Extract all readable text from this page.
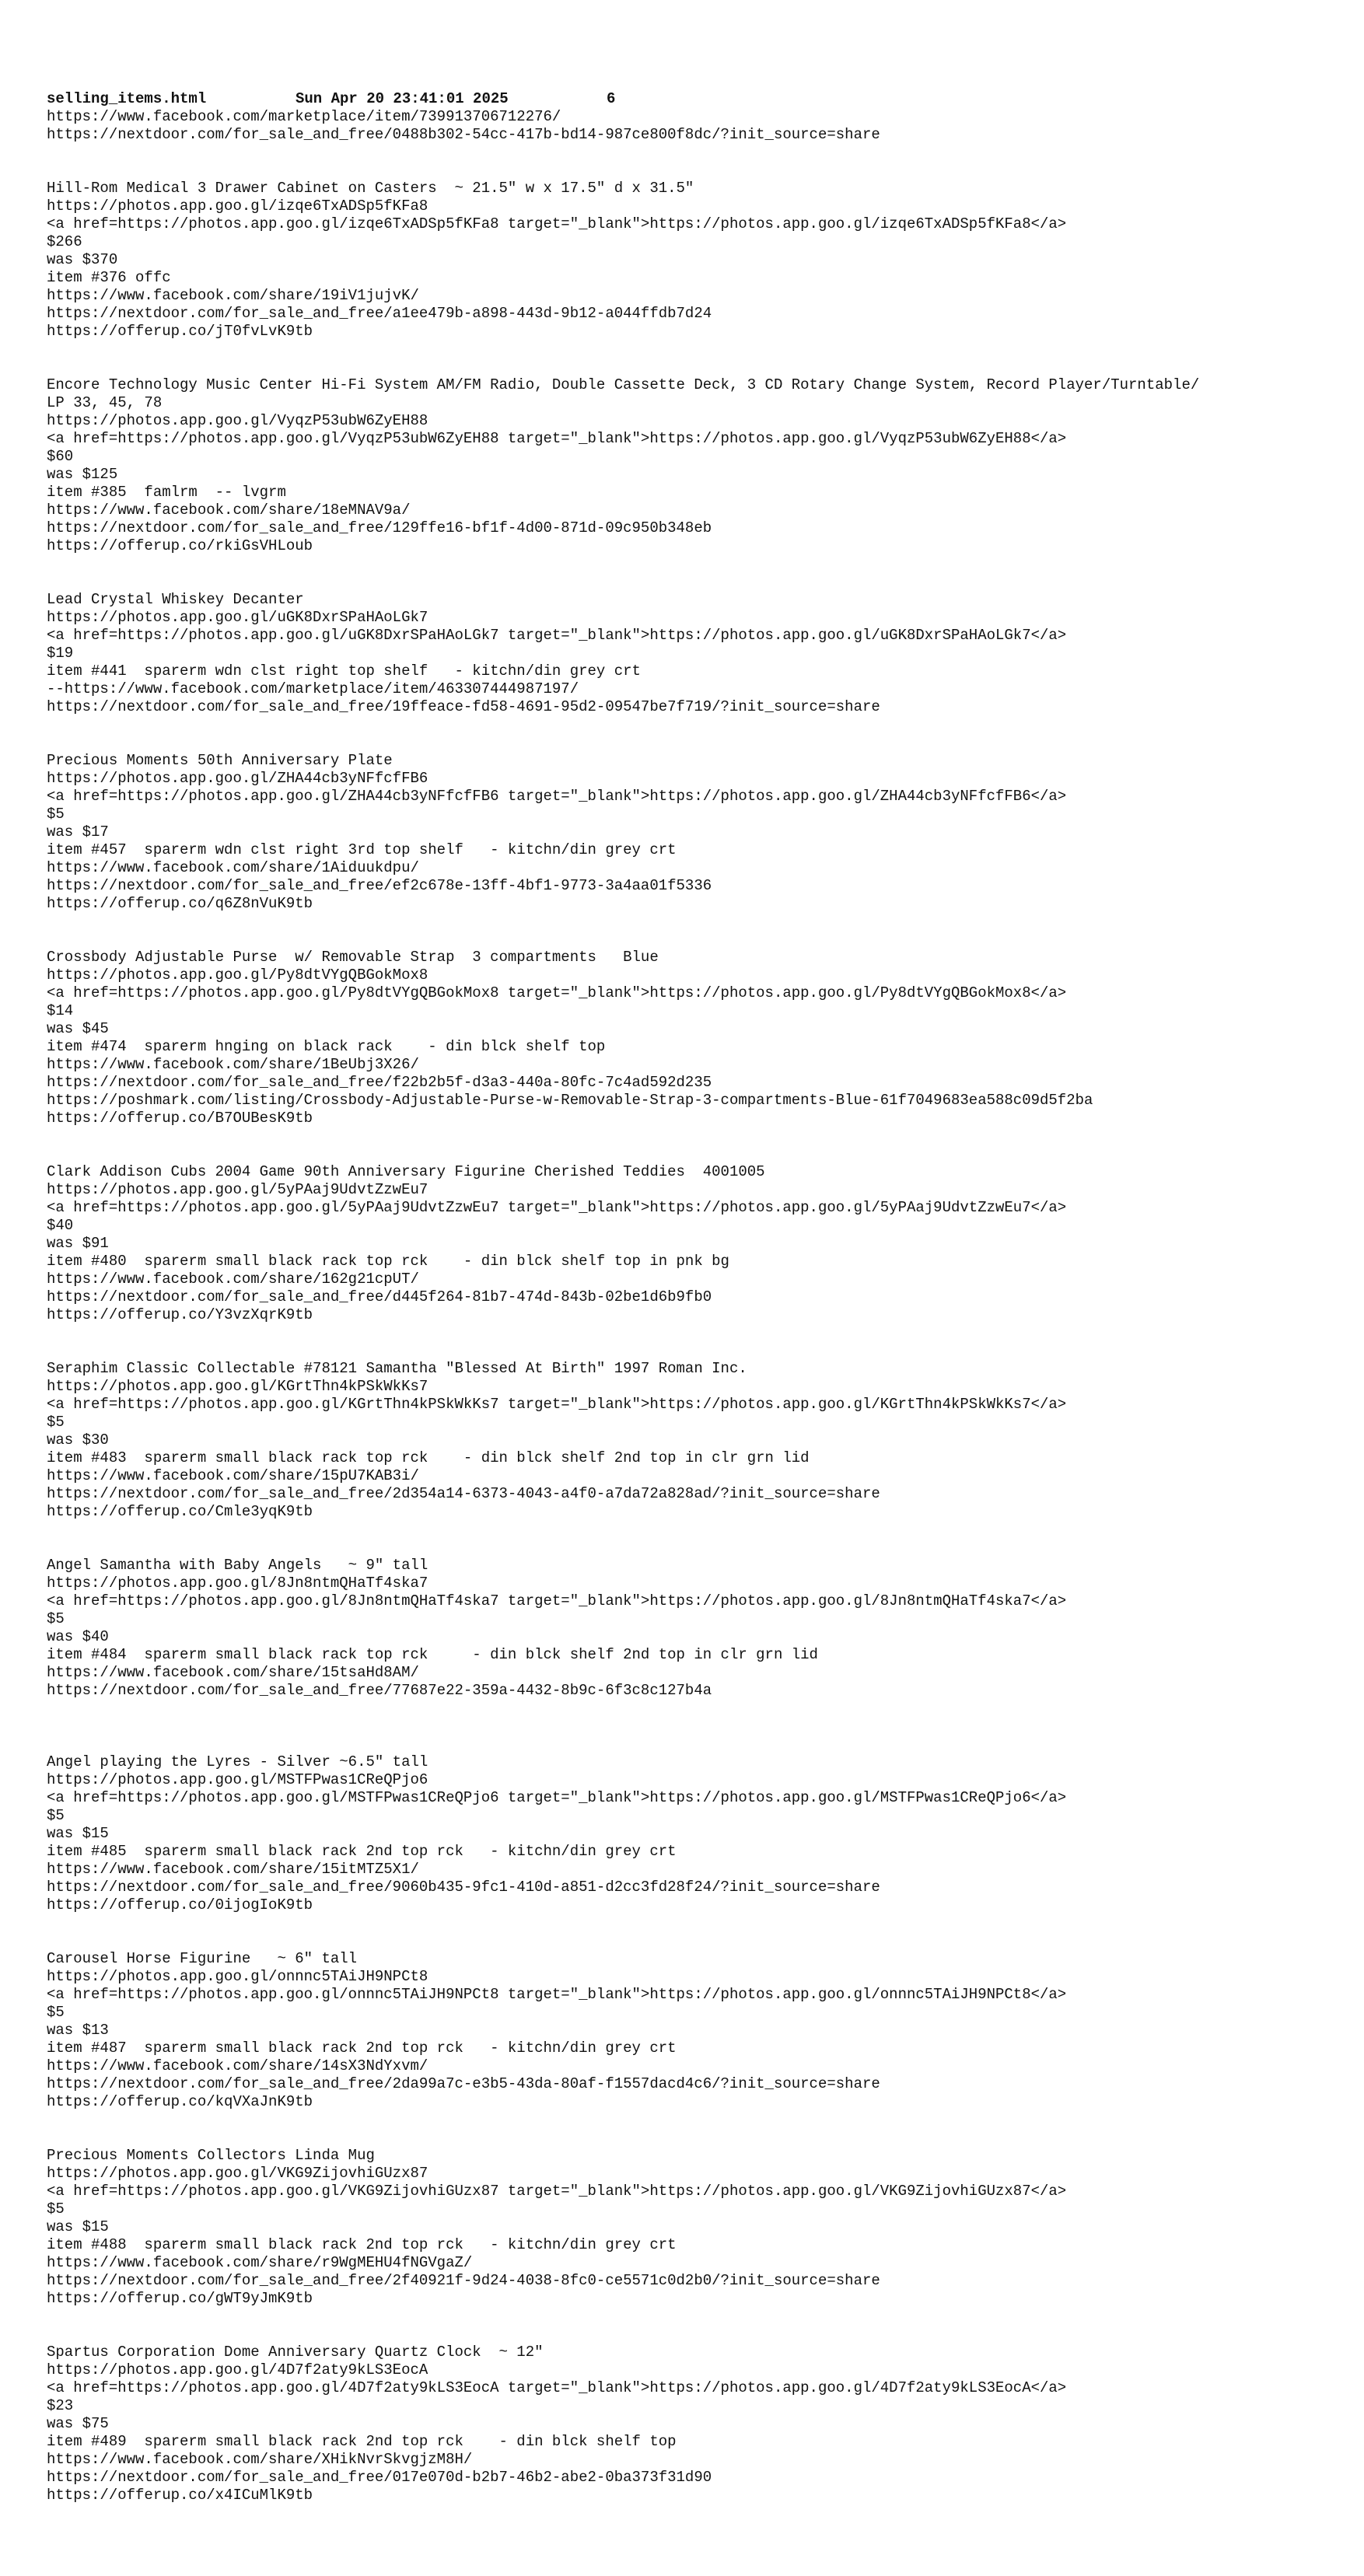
selling_items.html	Sun Apr 20 23:41:01 2025	6
https://www.facebook.com/marketplace/item/739913706712276/
https://nextdoor.com/for_sale_and_free/0488b302-54cc-417b-bd14-987ce800f8dc/?init_source=share
Hill-Rom Medical 3 Drawer Cabinet on Casters  ~ 21.5" w x 17.5" d x 31.5"
https://photos.app.goo.gl/izqe6TxADSp5fKFa8
<a href=https://photos.app.goo.gl/izqe6TxADSp5fKFa8 target="_blank">https://photos.app.goo.gl/izqe6TxADSp5fKFa8</a>
$266
was $370
item #376 offc
https://www.facebook.com/share/19iV1jujvK/
https://nextdoor.com/for_sale_and_free/a1ee479b-a898-443d-9b12-a044ffdb7d24
https://offerup.co/jT0fvLvK9tb
Encore Technology Music Center Hi-Fi System AM/FM Radio, Double Cassette Deck, 3 CD Rotary Change System, Record Player/Turntable/
LP 33, 45, 78
https://photos.app.goo.gl/VyqzP53ubW6ZyEH88
<a href=https://photos.app.goo.gl/VyqzP53ubW6ZyEH88 target="_blank">https://photos.app.goo.gl/VyqzP53ubW6ZyEH88</a>
$60
was $125
item #385  famlrm  -- lvgrm
https://www.facebook.com/share/18eMNAV9a/
https://nextdoor.com/for_sale_and_free/129ffe16-bf1f-4d00-871d-09c950b348eb
https://offerup.co/rkiGsVHLoub
Lead Crystal Whiskey Decanter
https://photos.app.goo.gl/uGK8DxrSPaHAoLGk7
<a href=https://photos.app.goo.gl/uGK8DxrSPaHAoLGk7 target="_blank">https://photos.app.goo.gl/uGK8DxrSPaHAoLGk7</a>
$19
item #441  sparerm wdn clst right top shelf   - kitchn/din grey crt
--https://www.facebook.com/marketplace/item/463307444987197/
https://nextdoor.com/for_sale_and_free/19ffeace-fd58-4691-95d2-09547be7f719/?init_source=share
Precious Moments 50th Anniversary Plate
https://photos.app.goo.gl/ZHA44cb3yNFfcfFB6
<a href=https://photos.app.goo.gl/ZHA44cb3yNFfcfFB6 target="_blank">https://photos.app.goo.gl/ZHA44cb3yNFfcfFB6</a>
$5
was $17
item #457  sparerm wdn clst right 3rd top shelf   - kitchn/din grey crt
https://www.facebook.com/share/1Aiduukdpu/
https://nextdoor.com/for_sale_and_free/ef2c678e-13ff-4bf1-9773-3a4aa01f5336
https://offerup.co/q6Z8nVuK9tb
Crossbody Adjustable Purse  w/ Removable Strap  3 compartments   Blue
https://photos.app.goo.gl/Py8dtVYgQBGokMox8
<a href=https://photos.app.goo.gl/Py8dtVYgQBGokMox8 target="_blank">https://photos.app.goo.gl/Py8dtVYgQBGokMox8</a>
$14
was $45
item #474  sparerm hnging on black rack    - din blck shelf top
https://www.facebook.com/share/1BeUbj3X26/
https://nextdoor.com/for_sale_and_free/f22b2b5f-d3a3-440a-80fc-7c4ad592d235
https://poshmark.com/listing/Crossbody-Adjustable-Purse-w-Removable-Strap-3-compartments-Blue-61f7049683ea588c09d5f2ba
https://offerup.co/B7OUBesK9tb
Clark Addison Cubs 2004 Game 90th Anniversary Figurine Cherished Teddies  4001005
https://photos.app.goo.gl/5yPAaj9UdvtZzwEu7
<a href=https://photos.app.goo.gl/5yPAaj9UdvtZzwEu7 target="_blank">https://photos.app.goo.gl/5yPAaj9UdvtZzwEu7</a>
$40
was $91
item #480  sparerm small black rack top rck    - din blck shelf top in pnk bg
https://www.facebook.com/share/162g21cpUT/
https://nextdoor.com/for_sale_and_free/d445f264-81b7-474d-843b-02be1d6b9fb0
https://offerup.co/Y3vzXqrK9tb
Seraphim Classic Collectable #78121 Samantha "Blessed At Birth" 1997 Roman Inc.
https://photos.app.goo.gl/KGrtThn4kPSkWkKs7
<a href=https://photos.app.goo.gl/KGrtThn4kPSkWkKs7 target="_blank">https://photos.app.goo.gl/KGrtThn4kPSkWkKs7</a>
$5
was $30
item #483  sparerm small black rack top rck    - din blck shelf 2nd top in clr grn lid
https://www.facebook.com/share/15pU7KAB3i/
https://nextdoor.com/for_sale_and_free/2d354a14-6373-4043-a4f0-a7da72a828ad/?init_source=share
https://offerup.co/Cmle3yqK9tb
Angel Samantha with Baby Angels   ~ 9" tall
https://photos.app.goo.gl/8Jn8ntmQHaTf4ska7
<a href=https://photos.app.goo.gl/8Jn8ntmQHaTf4ska7 target="_blank">https://photos.app.goo.gl/8Jn8ntmQHaTf4ska7</a>
$5
was $40
item #484  sparerm small black rack top rck     - din blck shelf 2nd top in clr grn lid
https://www.facebook.com/share/15tsaHd8AM/
https://nextdoor.com/for_sale_and_free/77687e22-359a-4432-8b9c-6f3c8c127b4a
Angel playing the Lyres - Silver ~6.5" tall
https://photos.app.goo.gl/MSTFPwas1CReQPjo6
<a href=https://photos.app.goo.gl/MSTFPwas1CReQPjo6 target="_blank">https://photos.app.goo.gl/MSTFPwas1CReQPjo6</a>
$5
was $15
item #485  sparerm small black rack 2nd top rck   - kitchn/din grey crt
https://www.facebook.com/share/15itMTZ5X1/
https://nextdoor.com/for_sale_and_free/9060b435-9fc1-410d-a851-d2cc3fd28f24/?init_source=share
https://offerup.co/0ijogIoK9tb
Carousel Horse Figurine   ~ 6" tall
https://photos.app.goo.gl/onnnc5TAiJH9NPCt8
<a href=https://photos.app.goo.gl/onnnc5TAiJH9NPCt8 target="_blank">https://photos.app.goo.gl/onnnc5TAiJH9NPCt8</a>
$5
was $13
item #487  sparerm small black rack 2nd top rck   - kitchn/din grey crt
https://www.facebook.com/share/14sX3NdYxvm/
https://nextdoor.com/for_sale_and_free/2da99a7c-e3b5-43da-80af-f1557dacd4c6/?init_source=share
https://offerup.co/kqVXaJnK9tb
Precious Moments Collectors Linda Mug
https://photos.app.goo.gl/VKG9ZijovhiGUzx87
<a href=https://photos.app.goo.gl/VKG9ZijovhiGUzx87 target="_blank">https://photos.app.goo.gl/VKG9ZijovhiGUzx87</a>
$5
was $15
item #488  sparerm small black rack 2nd top rck   - kitchn/din grey crt
https://www.facebook.com/share/r9WgMEHU4fNGVgaZ/
https://nextdoor.com/for_sale_and_free/2f40921f-9d24-4038-8fc0-ce5571c0d2b0/?init_source=share
https://offerup.co/gWT9yJmK9tb
Spartus Corporation Dome Anniversary Quartz Clock  ~ 12"
https://photos.app.goo.gl/4D7f2aty9kLS3EocA
<a href=https://photos.app.goo.gl/4D7f2aty9kLS3EocA target="_blank">https://photos.app.goo.gl/4D7f2aty9kLS3EocA</a>
$23
was $75
item #489  sparerm small black rack 2nd top rck    - din blck shelf top
https://www.facebook.com/share/XHikNvrSkvgjzM8H/
https://nextdoor.com/for_sale_and_free/017e070d-b2b7-46b2-abe2-0ba373f31d90
https://offerup.co/x4ICuMlK9tb
